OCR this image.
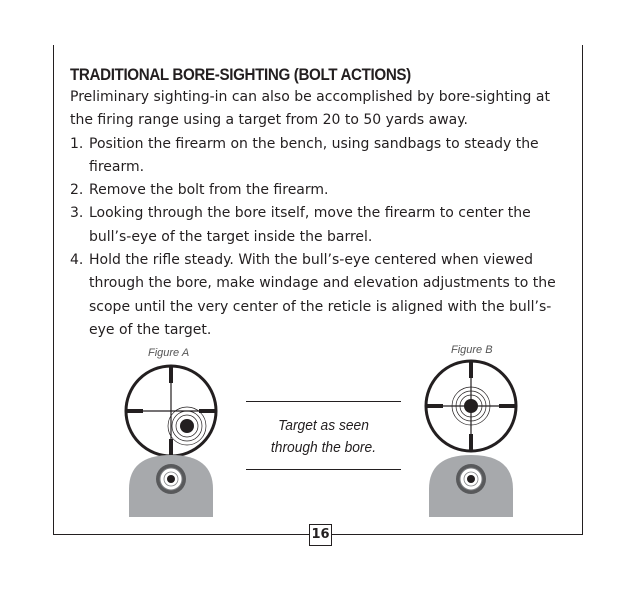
TRADITIONAL BORE-SIGHTING (BOLT ACTIONS)

Preliminary sighting-in can also be accomplished by bore-sighting at the firing range using a target from 20 to 50 yards away.

1. Position the firearm on the bench, using sandbags to steady the firearm.
2. Remove the bolt from the firearm.
3. Looking through the bore itself, move the firearm to center the bull’s-eye of the target inside the barrel.
4. Hold the rifle steady. With the bull’s-eye centered when viewed through the bore, make windage and elevation adjustments to the scope until the very center of the reticle is aligned with the bull’s-eye of the target.
Figure A	Figure B
Target as seen
through the bore.
16
